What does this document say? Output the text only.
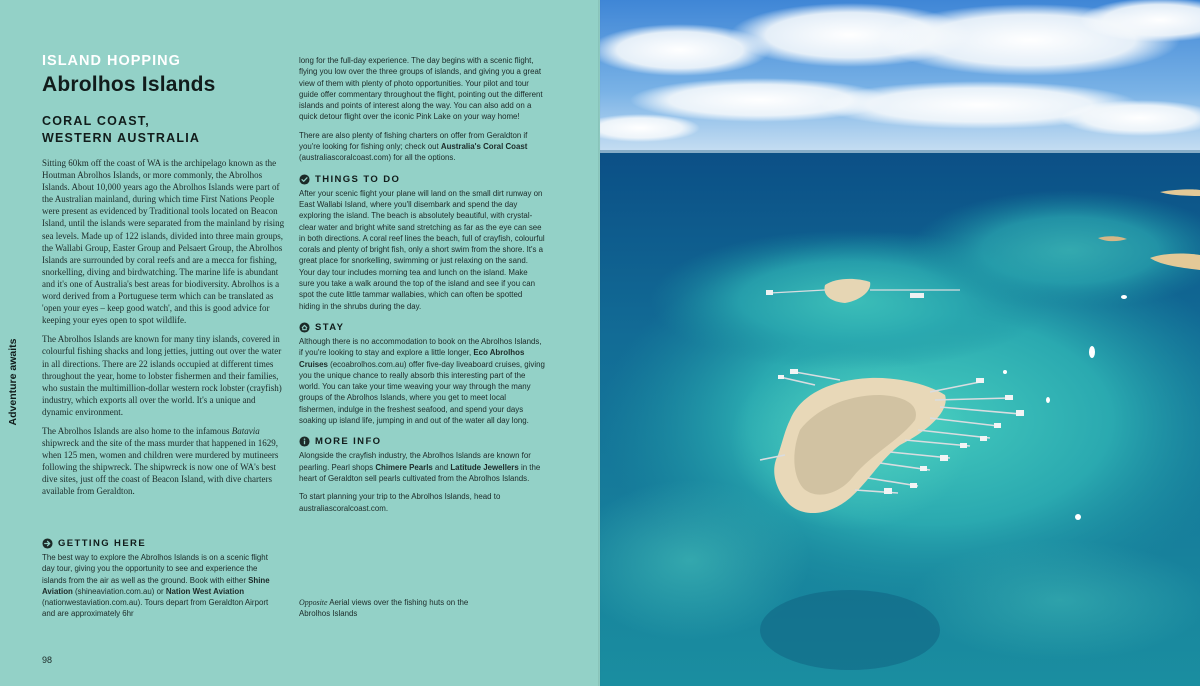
ISLAND HOPPING
Abrolhos Islands
CORAL COAST,
WESTERN AUSTRALIA
Adventure awaits

Sitting 60km off the coast of WA is the archipelago known as the Houtman Abrolhos Islands, or more commonly, the Abrolhos Islands. About 10,000 years ago the Abrolhos Islands were part of the Australian mainland, during which time First Nations People were present as evidenced by Traditional tools located on Beacon Island, until the islands were separated from the mainland by rising sea levels. Made up of 122 islands, divided into three main groups, the Wallabi Group, Easter Group and Pelsaert Group, the Abrolhos Islands are surrounded by coral reefs and are a mecca for fishing, snorkelling, diving and birdwatching. The marine life is abundant and it's one of Australia's best areas for biodiversity. Abrolhos is a word derived from a Portuguese term which can be translated as 'open your eyes – keep good watch', and this is good advice for keeping your eyes open to spot wildlife.

The Abrolhos Islands are known for many tiny islands, covered in colourful fishing shacks and long jetties, jutting out over the water in all directions. There are 22 islands occupied at different times throughout the year, home to lobster fishermen and their families, who sustain the multimillion-dollar western rock lobster (crayfish) industry, which exports all over the world. It's a unique and dynamic environment.

The Abrolhos Islands are also home to the infamous Batavia shipwreck and the site of the mass murder that happened in 1629, when 125 men, women and children were murdered by mutineers following the shipwreck. The shipwreck is now one of WA's best dive sites, just off the coast of Beacon Island, with dive charters available from Geraldton.

GETTING HERE

The best way to explore the Abrolhos Islands is on a scenic flight day tour, giving you the opportunity to see and experience the islands from the air as well as the ground. Book with either Shine Aviation (shineaviation.com.au) or Nation West Aviation (nationwestaviation.com.au). Tours depart from Geraldton Airport and are approximately 6hr

long for the full-day experience. The day begins with a scenic flight, flying you low over the three groups of islands, and giving you a great view of them with plenty of photo opportunities. Your pilot and tour guide offer commentary throughout the flight, pointing out the different islands and points of interest along the way. You can also add on a quick detour flight over the iconic Pink Lake on your way home!

There are also plenty of fishing charters on offer from Geraldton if you're looking for fishing only; check out Australia's Coral Coast (australiascoralcoast.com) for all the options.

THINGS TO DO

After your scenic flight your plane will land on the small dirt runway on East Wallabi Island, where you'll disembark and spend the day exploring the island. The beach is absolutely beautiful, with crystal-clear water and bright white sand stretching as far as the eye can see in both directions. A coral reef lines the beach, full of crayfish, colourful corals and plenty of bright fish, only a short swim from the shore. It's a great place for snorkelling, swimming or just relaxing on the sand. Your day tour includes morning tea and lunch on the island. Make sure you take a walk around the top of the island and see if you can spot the cute little tammar wallabies, which can often be spotted hiding in the shrubs during the day.

STAY

Although there is no accommodation to book on the Abrolhos Islands, if you're looking to stay and explore a little longer, Eco Abrolhos Cruises (ecoabrolhos.com.au) offer five-day liveaboard cruises, giving you the unique chance to really absorb this interesting part of the world. You can take your time weaving your way through the many groups of the Abrolhos Islands, where you get to meet local fishermen, indulge in the freshest seafood, and spend your days soaking up island life, jumping in and out of the water all day long.

MORE INFO

Alongside the crayfish industry, the Abrolhos Islands are known for pearling. Pearl shops Chimere Pearls and Latitude Jewellers in the heart of Geraldton sell pearls cultivated from the Abrolhos Islands.

To start planning your trip to the Abrolhos Islands, head to australiascoralcoast.com.

Opposite Aerial views over the fishing huts on the Abrolhos Islands
98
